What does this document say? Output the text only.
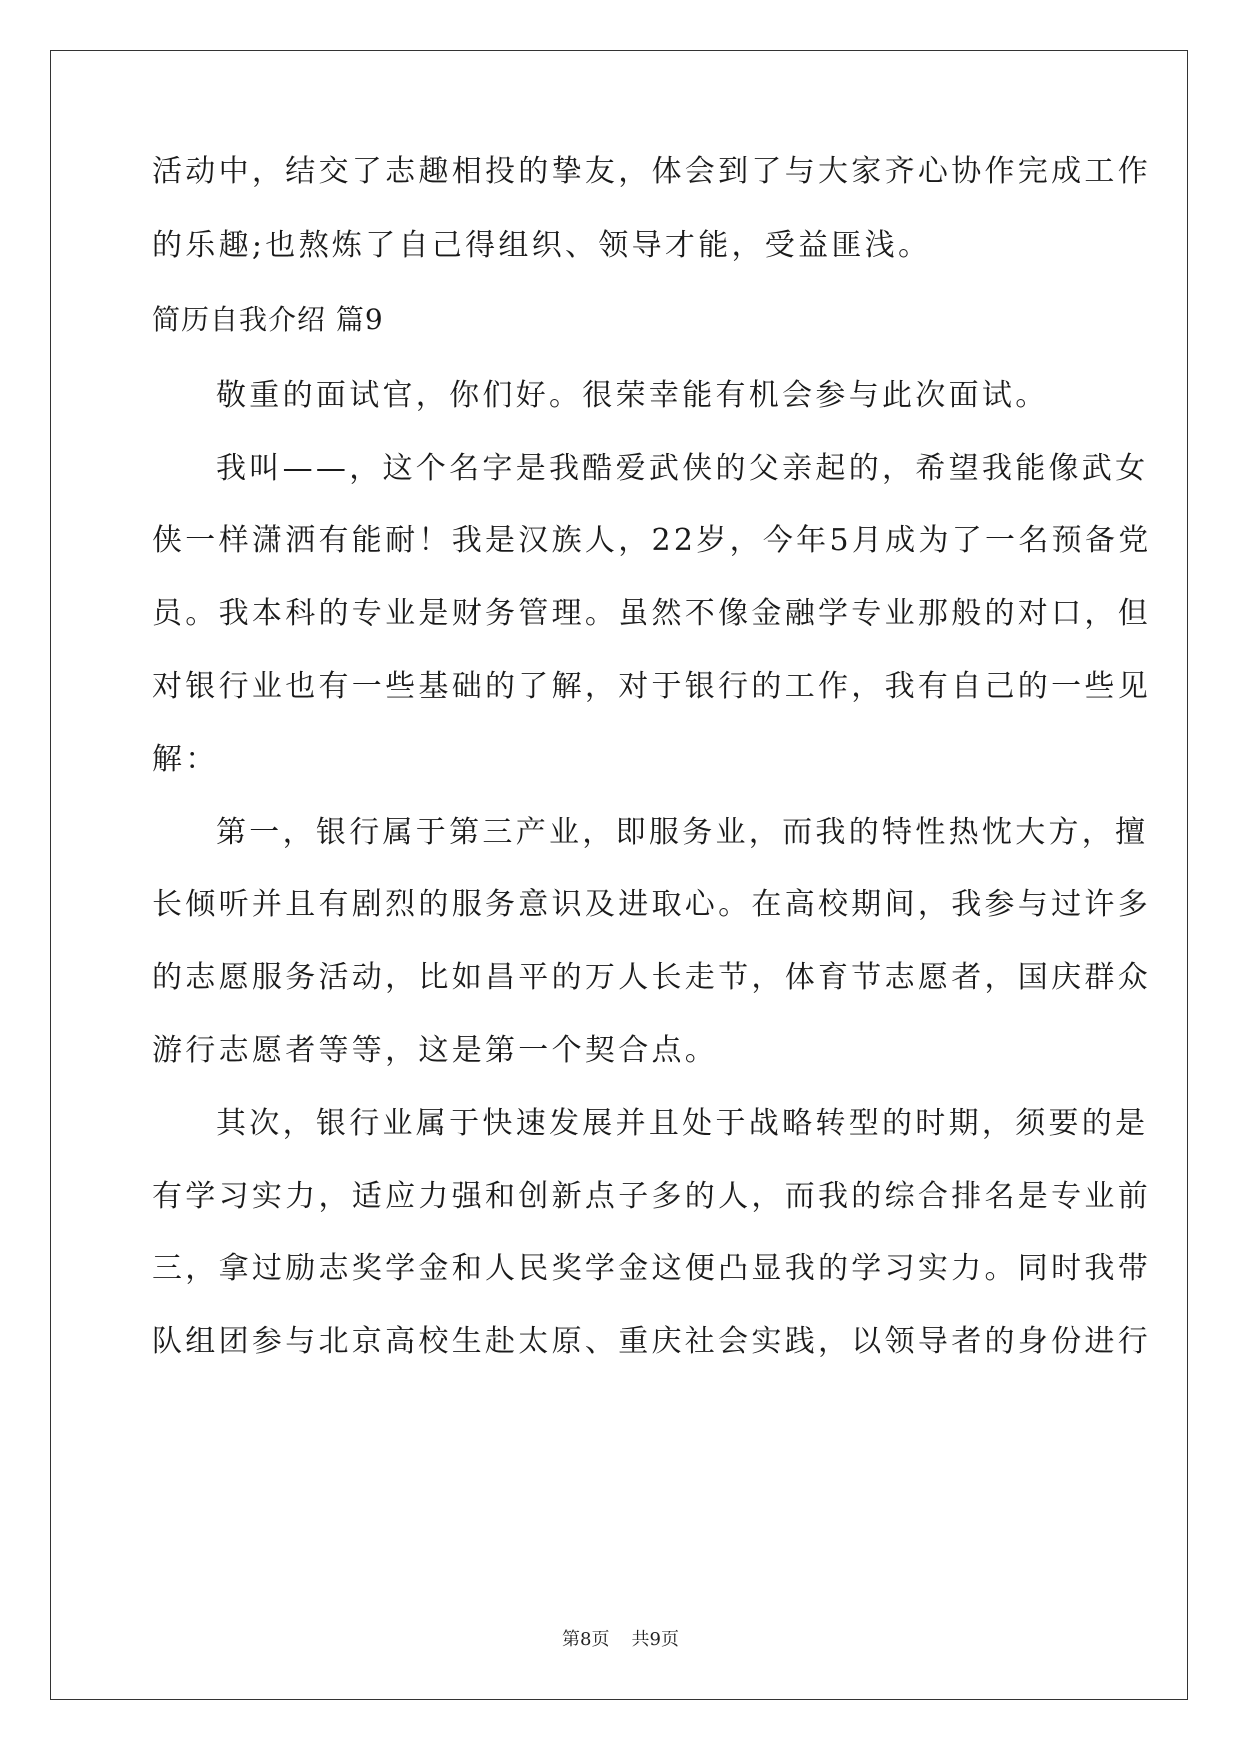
活动中，结交了志趣相投的挚友，体会到了与大家齐心协作完成工作
的乐趣;也熬炼了自己得组织、领导才能，受益匪浅。
简历自我介绍 篇9
敬重的面试官，你们好。很荣幸能有机会参与此次面试。
我叫——，这个名字是我酷爱武侠的父亲起的，希望我能像武女
侠一样潇洒有能耐！我是汉族人，22岁，今年5月成为了一名预备党
员。我本科的专业是财务管理。虽然不像金融学专业那般的对口，但
对银行业也有一些基础的了解，对于银行的工作，我有自己的一些见
解：
第一，银行属于第三产业，即服务业，而我的特性热忱大方，擅
长倾听并且有剧烈的服务意识及进取心。在高校期间，我参与过许多
的志愿服务活动，比如昌平的万人长走节，体育节志愿者，国庆群众
游行志愿者等等，这是第一个契合点。
其次，银行业属于快速发展并且处于战略转型的时期，须要的是
有学习实力，适应力强和创新点子多的人，而我的综合排名是专业前
三，拿过励志奖学金和人民奖学金这便凸显我的学习实力。同时我带
队组团参与北京高校生赴太原、重庆社会实践，以领导者的身份进行
第8页 共9页
